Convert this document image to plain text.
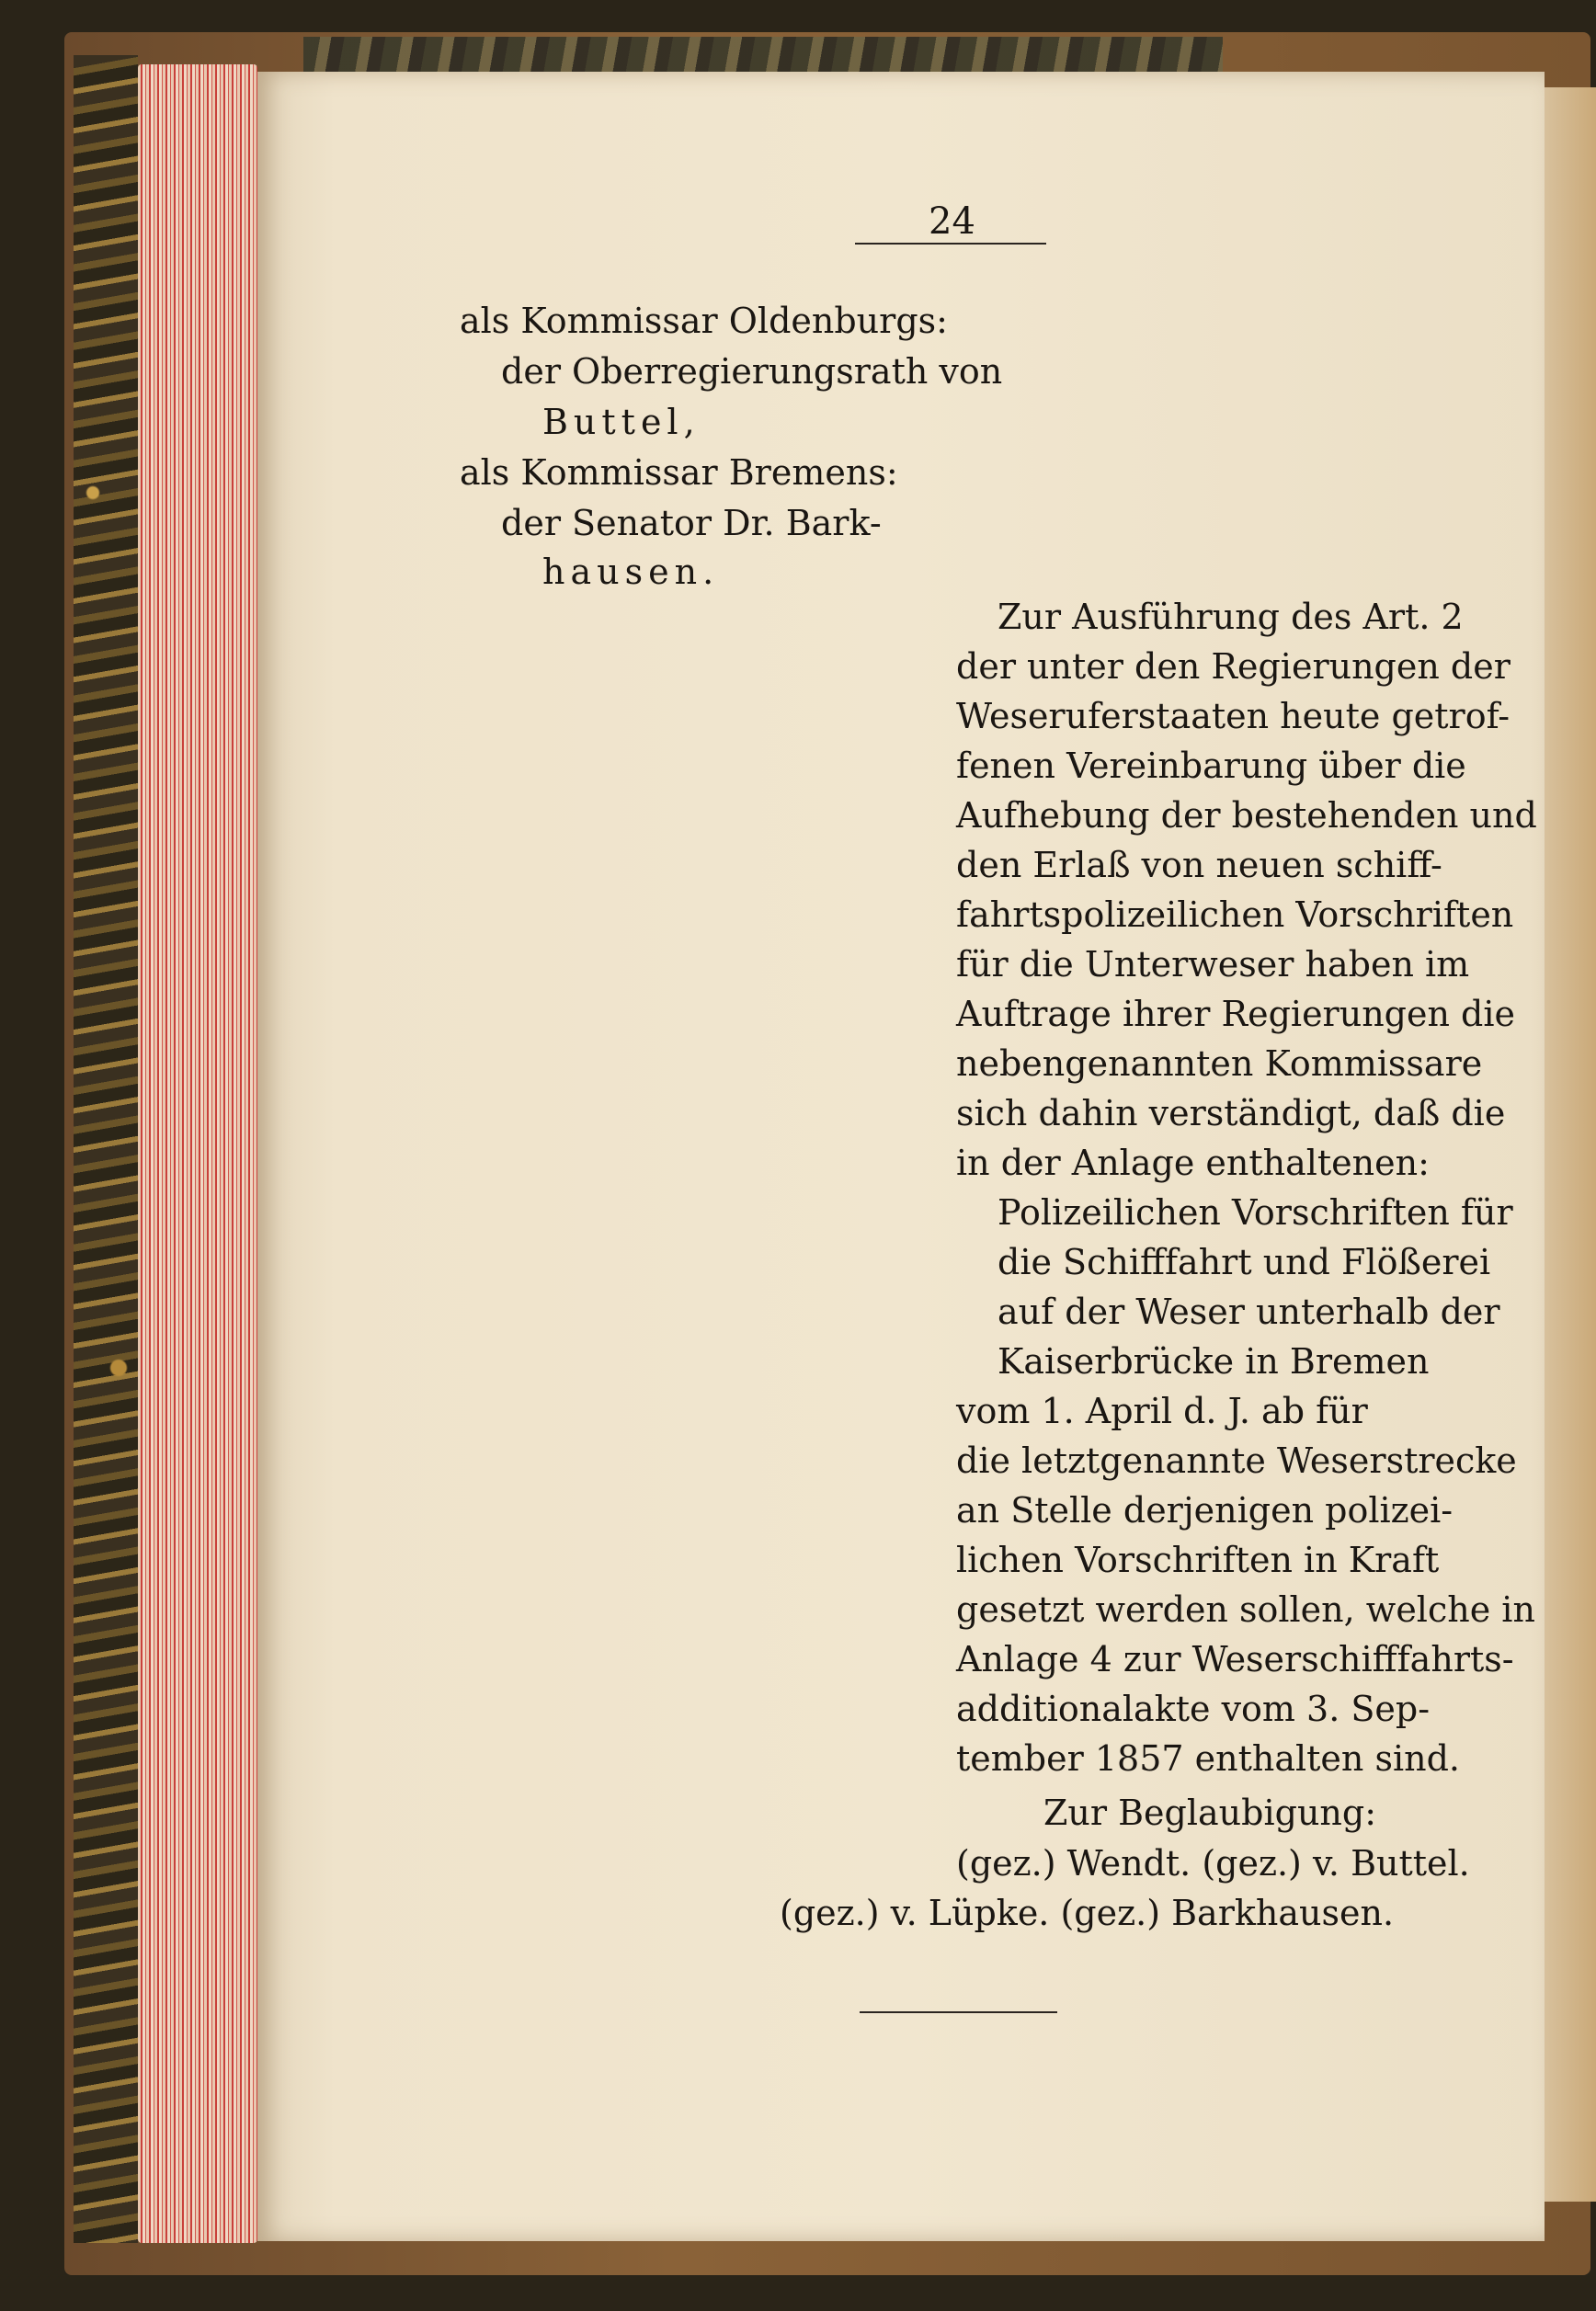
24
als Kommissar Oldenburgs:
der Oberregierungsrath von
Buttel,
als Kommissar Bremens:
der Senator Dr. Bark-
hausen.
Zur Ausführung des Art. 2
der unter den Regierungen der
Weseruferstaaten heute getrof-
fenen Vereinbarung über die
Aufhebung der bestehenden und
den Erlaß von neuen schiff-
fahrtspolizeilichen Vorschriften
für die Unterweser haben im
Auftrage ihrer Regierungen die
nebengenannten Kommissare
sich dahin verständigt, daß die
in der Anlage enthaltenen:
Polizeilichen Vorschriften für
die Schifffahrt und Flößerei
auf der Weser unterhalb der
Kaiserbrücke in Bremen
vom 1. April d. J. ab für
die letztgenannte Weserstrecke
an Stelle derjenigen polizei-
lichen Vorschriften in Kraft
gesetzt werden sollen, welche in
Anlage 4 zur Weserschifffahrts-
additionalakte vom 3. Sep-
tember 1857 enthalten sind.
Zur Beglaubigung:
(gez.) Wendt. (gez.) v. Buttel.
(gez.) v. Lüpke. (gez.) Barkhausen.
